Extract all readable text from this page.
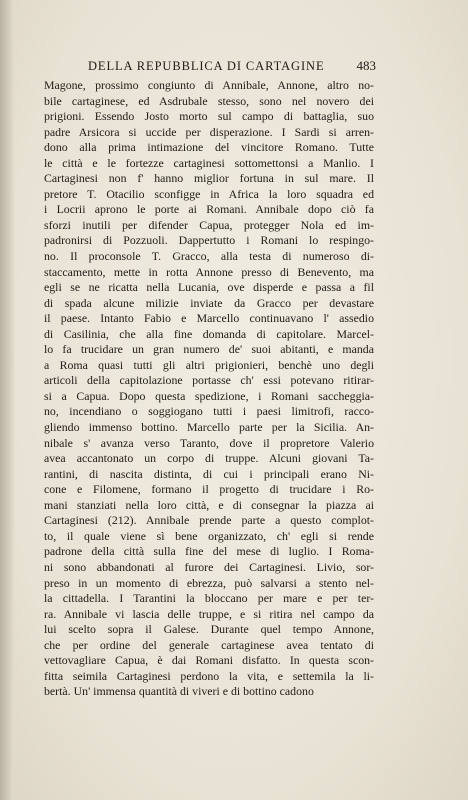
DELLA REPUBBLICA DI CARTAGINE 483
Magone, prossimo congiunto di Annibale, Annone, altro no-
bile cartaginese, ed Asdrubale stesso, sono nel novero dei
prigioni. Essendo Josto morto sul campo di battaglia, suo
padre Arsicora si uccide per disperazione. I Sardi si arren-
dono alla prima intimazione del vincitore Romano. Tutte
le città e le fortezze cartaginesi sottomettonsi a Manlio. I
Cartaginesi non f' hanno miglior fortuna in sul mare. Il
pretore T. Otacilio sconfigge in Africa la loro squadra ed
i Locrii aprono le porte ai Romani. Annibale dopo ciò fa
sforzi inutili per difender Capua, protegger Nola ed im-
padronirsi di Pozzuoli. Dappertutto i Romani lo respingo-
no. Il proconsole T. Gracco, alla testa di numeroso di-
staccamento, mette in rotta Annone presso di Benevento, ma
egli se ne ricatta nella Lucania, ove disperde e passa a fil
di spada alcune milizie inviate da Gracco per devastare
il paese. Intanto Fabio e Marcello continuavano l' assedio
di Casilinia, che alla fine domanda di capitolare. Marcel-
lo fa trucidare un gran numero de' suoi abitanti, e manda
a Roma quasi tutti gli altri prigionieri, benchè uno degli
articoli della capitolazione portasse ch' essi potevano ritirar-
si a Capua. Dopo questa spedizione, i Romani saccheggia-
no, incendiano o soggiogano tutti i paesi limitrofi, racco-
gliendo immenso bottino. Marcello parte per la Sicilia. An-
nibale s' avanza verso Taranto, dove il propretore Valerio
avea accantonato un corpo di truppe. Alcuni giovani Ta-
rantini, di nascita distinta, di cui i principali erano Ni-
cone e Filomene, formano il progetto di trucidare i Ro-
mani stanziati nella loro città, e di consegnar la piazza ai
Cartaginesi (212). Annibale prende parte a questo complot-
to, il quale viene sì bene organizzato, ch' egli si rende
padrone della città sulla fine del mese di luglio. I Roma-
ni sono abbandonati al furore dei Cartaginesi. Livio, sor-
preso in un momento di ebrezza, può salvarsi a stento nel-
la cittadella. I Tarantini la bloccano per mare e per ter-
ra. Annibale vi lascia delle truppe, e si ritira nel campo da
lui scelto sopra il Galese. Durante quel tempo Annone,
che per ordine del generale cartaginese avea tentato di
vettovagliare Capua, è dai Romani disfatto. In questa scon-
fitta seimila Cartaginesi perdono la vita, e settemila la li-
bertà. Un' immensa quantità di viveri e di bottino cadono
